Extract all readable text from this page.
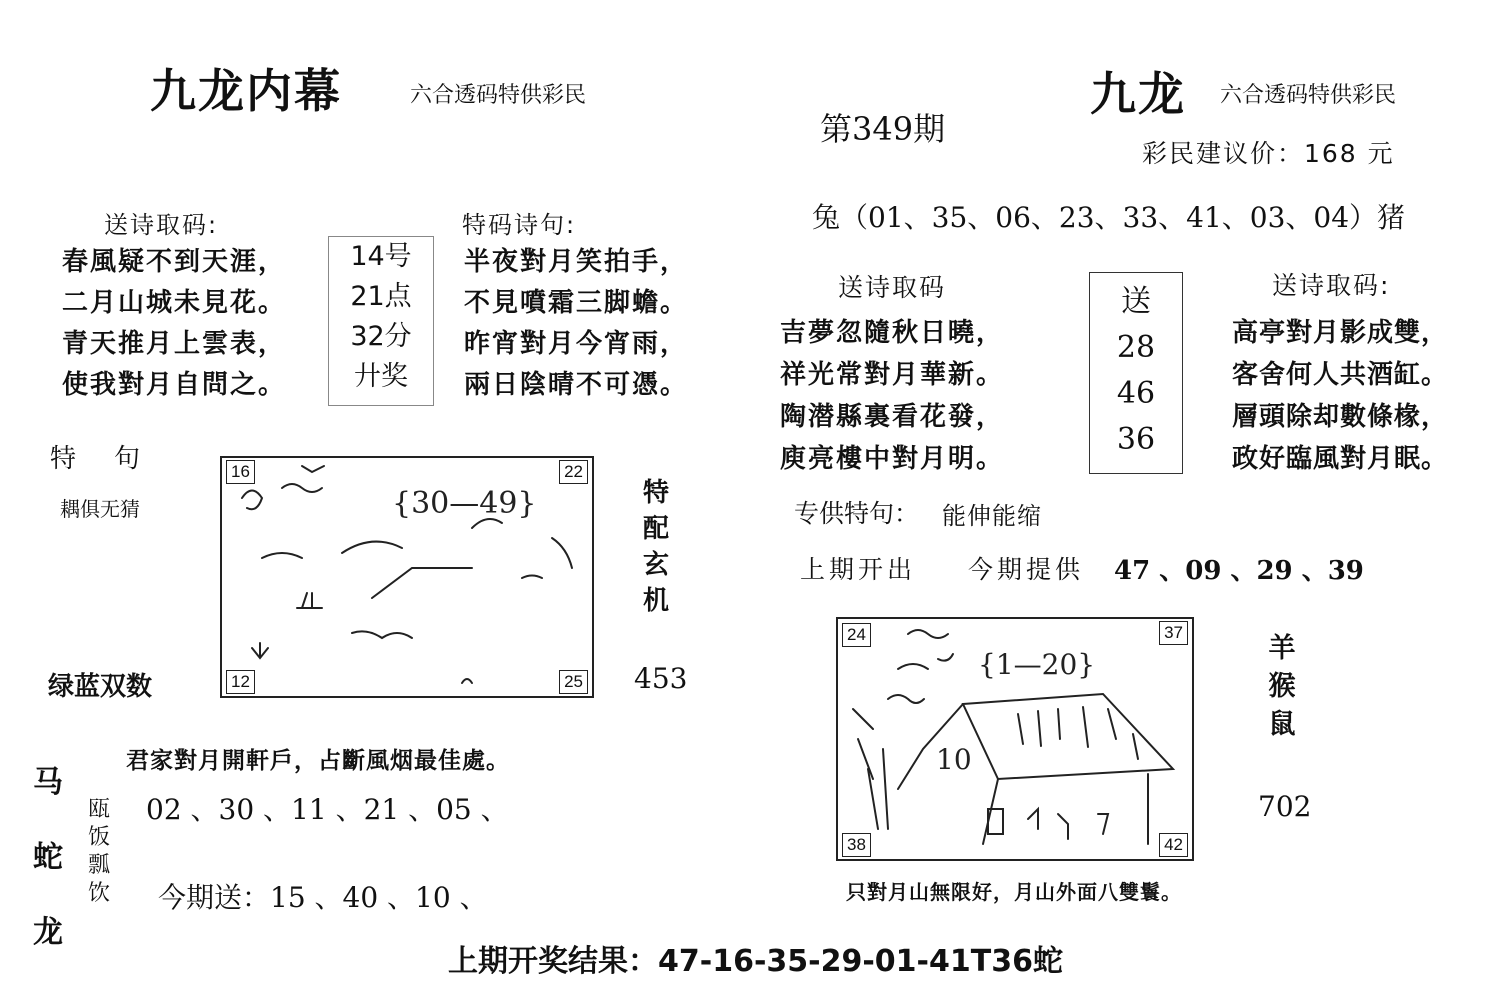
九龙内幕	六合透码特供彩民
送诗取码:
春風疑不到天涯，
二月山城未見花。
青天推月上雲表，
使我對月自問之。
14号
21点
32分
廾奖
特码诗句:
半夜對月笑拍手，
不見噴霜三脚蟾。
昨宵對月今宵雨，
兩日陰晴不可憑。
特　句
耦俱无猜
绿蓝双数
16	22
12	25
{30—49}	特
配
玄
机
453
马
蛇
龙
君家對月開軒戶，占斷風烟最佳處。
瓯
饭
瓢
饮
02 、30 、11 、21 、05 、
今期送：15 、40 、10 、
第349期
九龙 六合透码特供彩民
彩民建议价：168 元
兔（01、35、06、23、33、41、03、04）猪
送诗取码
吉夢忽隨秋日曉，
祥光常對月華新。
陶潜縣裏看花發，
庾亮樓中對月明。
送
28
46
36
送诗取码:
高亭對月影成雙，
客舍何人共酒缸。
層頭除却數條椽，
政好臨風對月眠。
专供特句： 能伸能缩
上期开出 今期提供 47 、09 、29 、39
24	37
38	42
{1—20}
10
羊
猴
鼠
702
只對月山無限好，月山外面八雙鬟。
上期开奖结果：47-16-35-29-01-41T36蛇
